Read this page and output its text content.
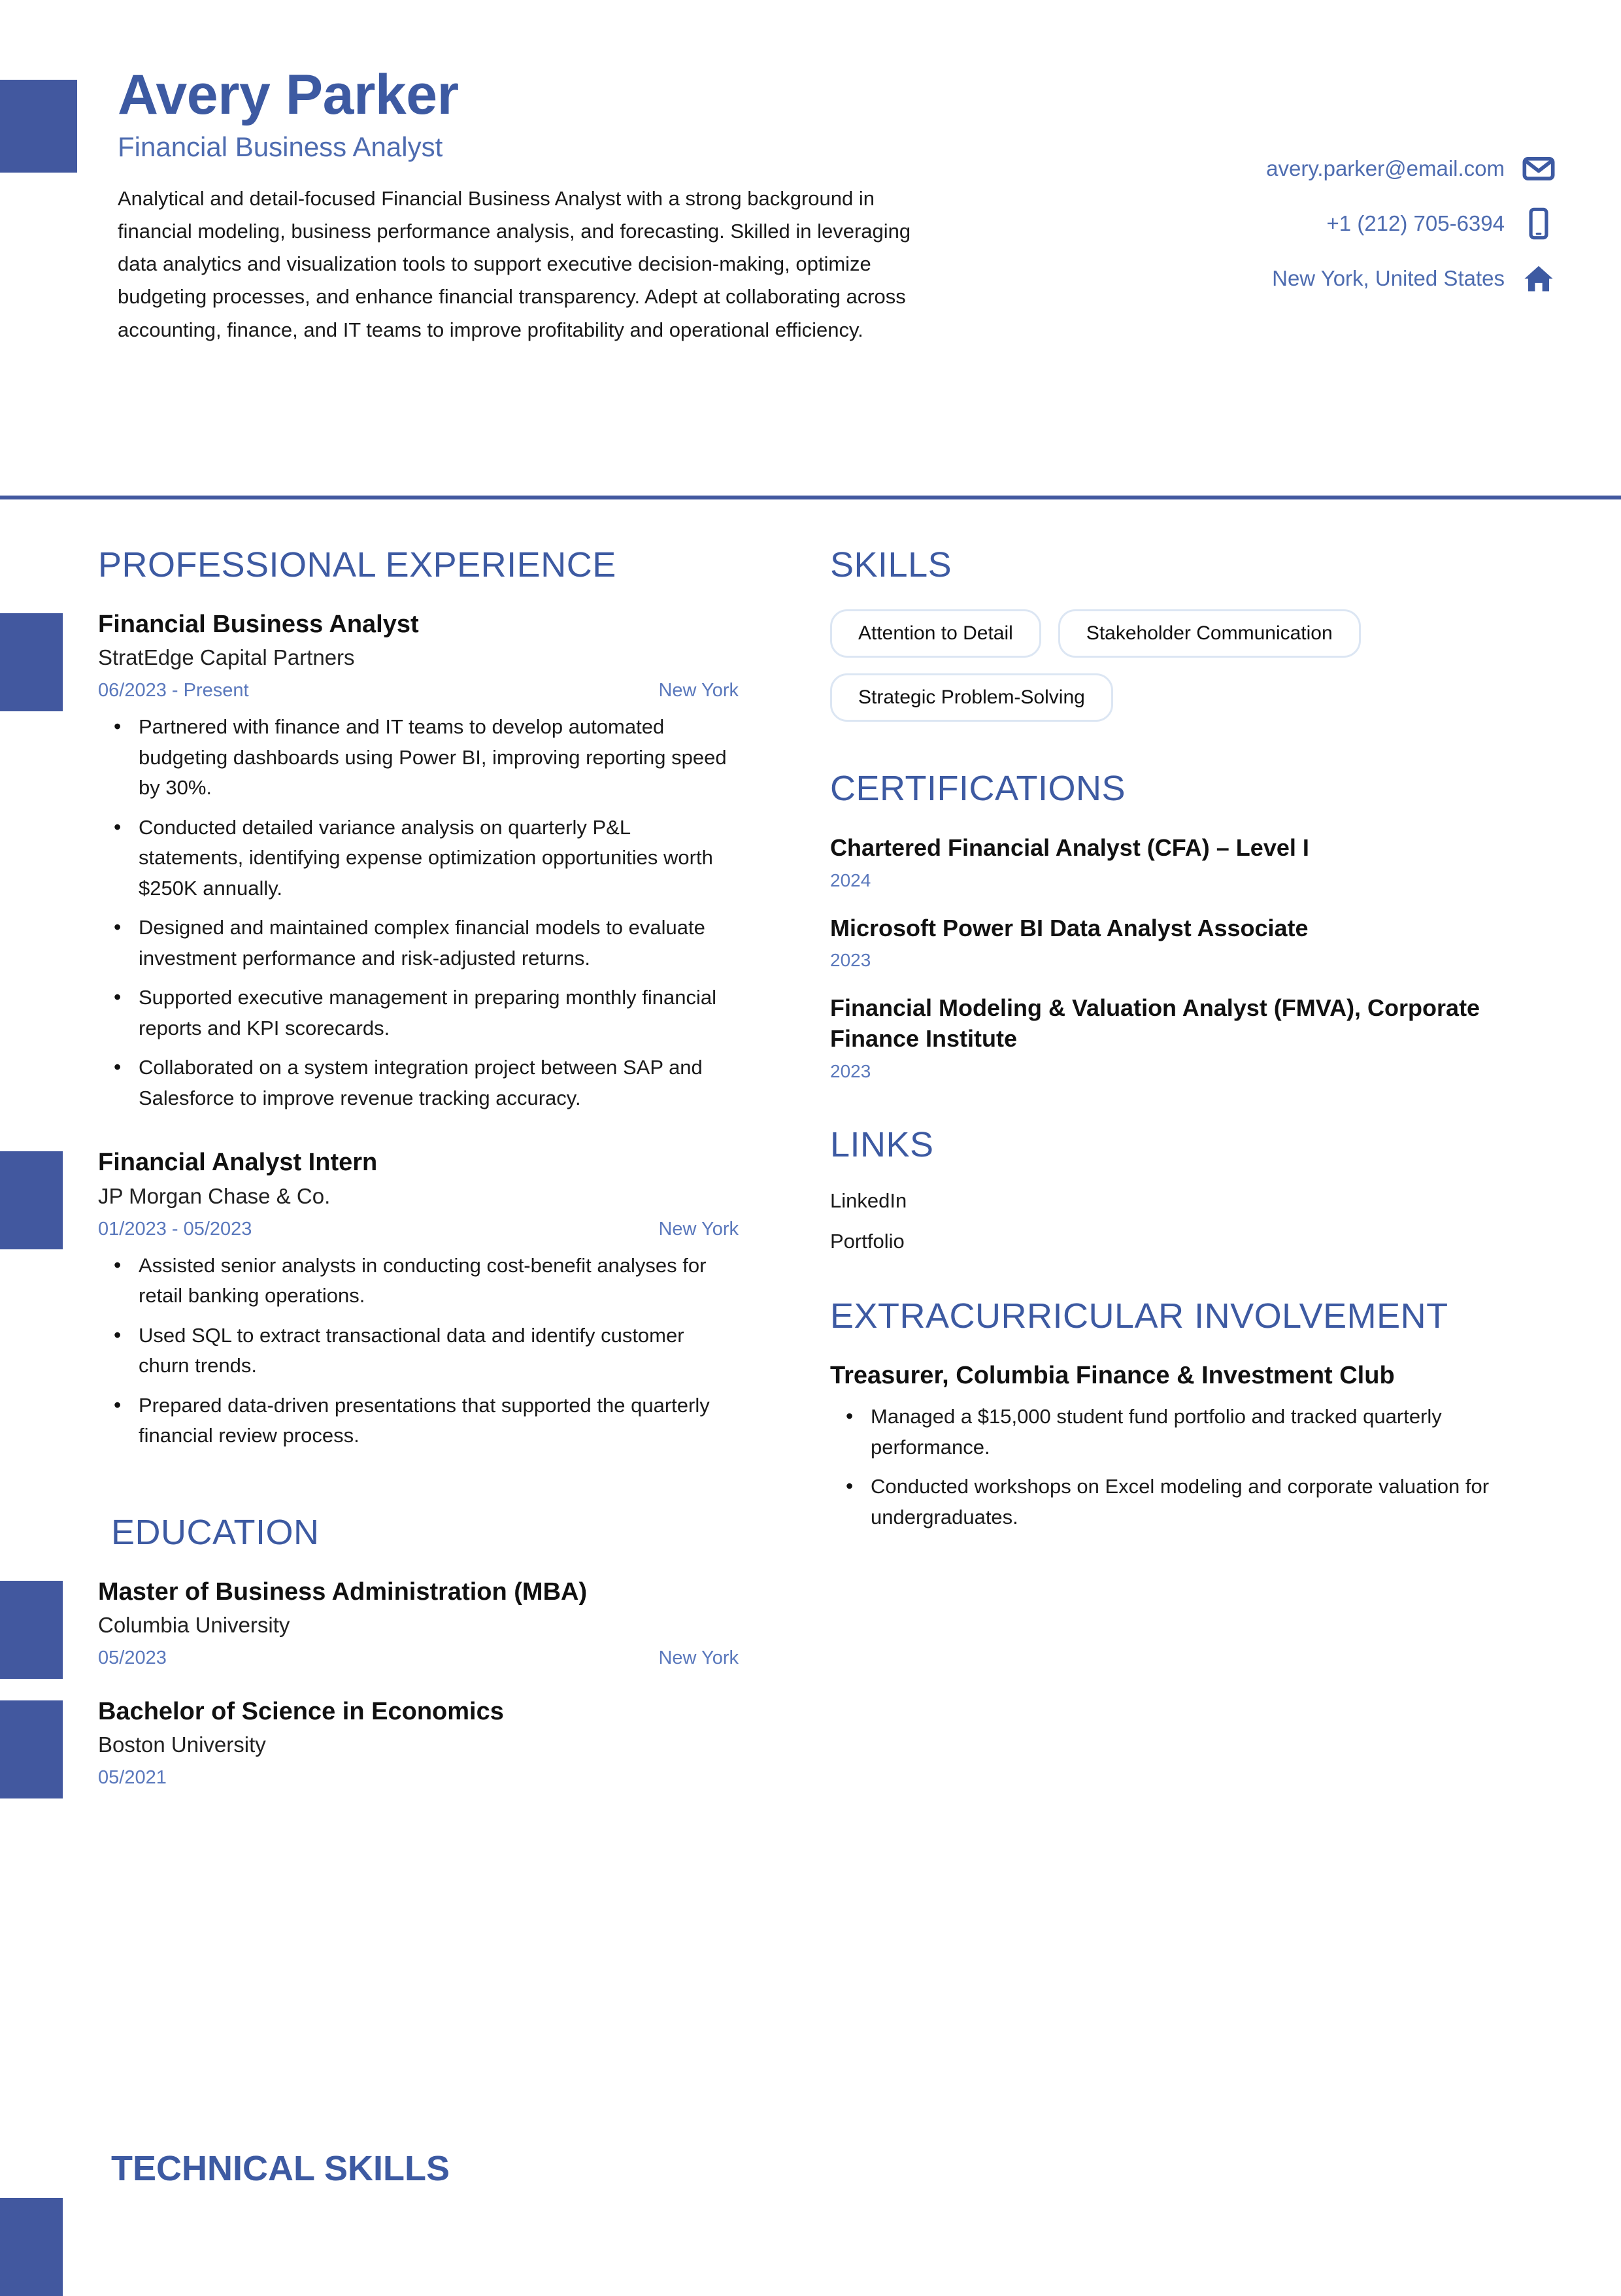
Avery Parker
Financial Business Analyst
Analytical and detail-focused Financial Business Analyst with a strong background in financial modeling, business performance analysis, and forecasting. Skilled in leveraging data analytics and visualization tools to support executive decision-making, optimize budgeting processes, and enhance financial transparency. Adept at collaborating across accounting, finance, and IT teams to improve profitability and operational efficiency.
avery.parker@email.com
+1 (212) 705-6394
New York, United States
PROFESSIONAL EXPERIENCE
Financial Business Analyst
StratEdge Capital Partners
06/2023 - Present	New York
• Partnered with finance and IT teams to develop automated budgeting dashboards using Power BI, improving reporting speed by 30%.
• Conducted detailed variance analysis on quarterly P&L statements, identifying expense optimization opportunities worth $250K annually.
• Designed and maintained complex financial models to evaluate investment performance and risk-adjusted returns.
• Supported executive management in preparing monthly financial reports and KPI scorecards.
• Collaborated on a system integration project between SAP and Salesforce to improve revenue tracking accuracy.
Financial Analyst Intern
JP Morgan Chase & Co.
01/2023 - 05/2023	New York
• Assisted senior analysts in conducting cost-benefit analyses for retail banking operations.
• Used SQL to extract transactional data and identify customer churn trends.
• Prepared data-driven presentations that supported the quarterly financial review process.
EDUCATION
Master of Business Administration (MBA)
Columbia University
05/2023	New York
Bachelor of Science in Economics
Boston University
05/2021
SKILLS
Attention to Detail	Stakeholder Communication
Strategic Problem-Solving
CERTIFICATIONS
Chartered Financial Analyst (CFA) – Level I
2024
Microsoft Power BI Data Analyst Associate
2023
Financial Modeling & Valuation Analyst (FMVA), Corporate Finance Institute
2023
LINKS
LinkedIn
Portfolio
EXTRACURRICULAR INVOLVEMENT
Treasurer, Columbia Finance & Investment Club
• Managed a $15,000 student fund portfolio and tracked quarterly performance.
• Conducted workshops on Excel modeling and corporate valuation for undergraduates.
TECHNICAL SKILLS
